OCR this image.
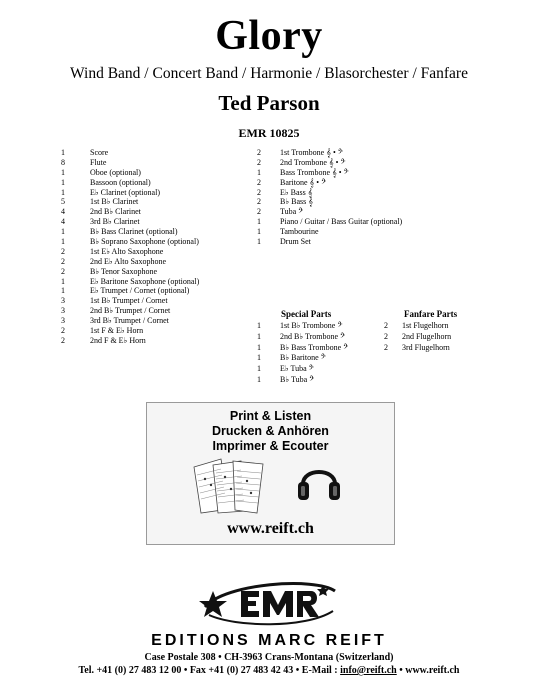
Glory
Wind Band / Concert Band / Harmonie / Blasorchester / Fanfare
Ted Parson
EMR 10825
1	Score
8	Flute
1	Oboe (optional)
1	Bassoon (optional)
1	E♭ Clarinet (optional)
5	1st B♭ Clarinet
4	2nd B♭ Clarinet
4	3rd B♭ Clarinet
1	B♭ Bass Clarinet (optional)
1	B♭ Soprano Saxophone (optional)
2	1st E♭ Alto Saxophone
2	2nd E♭ Alto Saxophone
2	B♭ Tenor Saxophone
1	E♭ Baritone Saxophone (optional)
1	E♭ Trumpet / Cornet (optional)
3	1st B♭ Trumpet / Cornet
3	2nd B♭ Trumpet / Cornet
3	3rd B♭ Trumpet / Cornet
2	1st F & E♭ Horn
2	2nd F & E♭ Horn
2	1st Trombone 𝄞 • 𝄢
2	2nd Trombone 𝄞 • 𝄢
1	Bass Trombone 𝄞 • 𝄢
2	Baritone 𝄞 • 𝄢
2	E♭ Bass 𝄞
2	B♭ Bass 𝄞
2	Tuba 𝄢
1	Piano / Guitar / Bass Guitar (optional)
1	Tambourine
1	Drum Set
Special Parts	Fanfare Parts
1	1st B♭ Trombone 𝄢
1	2nd B♭ Trombone 𝄢
1	B♭ Bass Trombone 𝄢
1	B♭ Baritone 𝄢
1	E♭ Tuba 𝄢
1	B♭ Tuba 𝄢
2	1st Flugelhorn
2	2nd Flugelhorn
2	3rd Flugelhorn
Print & Listen
Drucken & Anhören
Imprimer & Ecouter
www.reift.ch
EDITIONS MARC REIFT
Case Postale 308 • CH-3963 Crans-Montana (Switzerland)
Tel. +41 (0) 27 483 12 00 • Fax +41 (0) 27 483 42 43 • E-Mail : info@reift.ch • www.reift.ch
